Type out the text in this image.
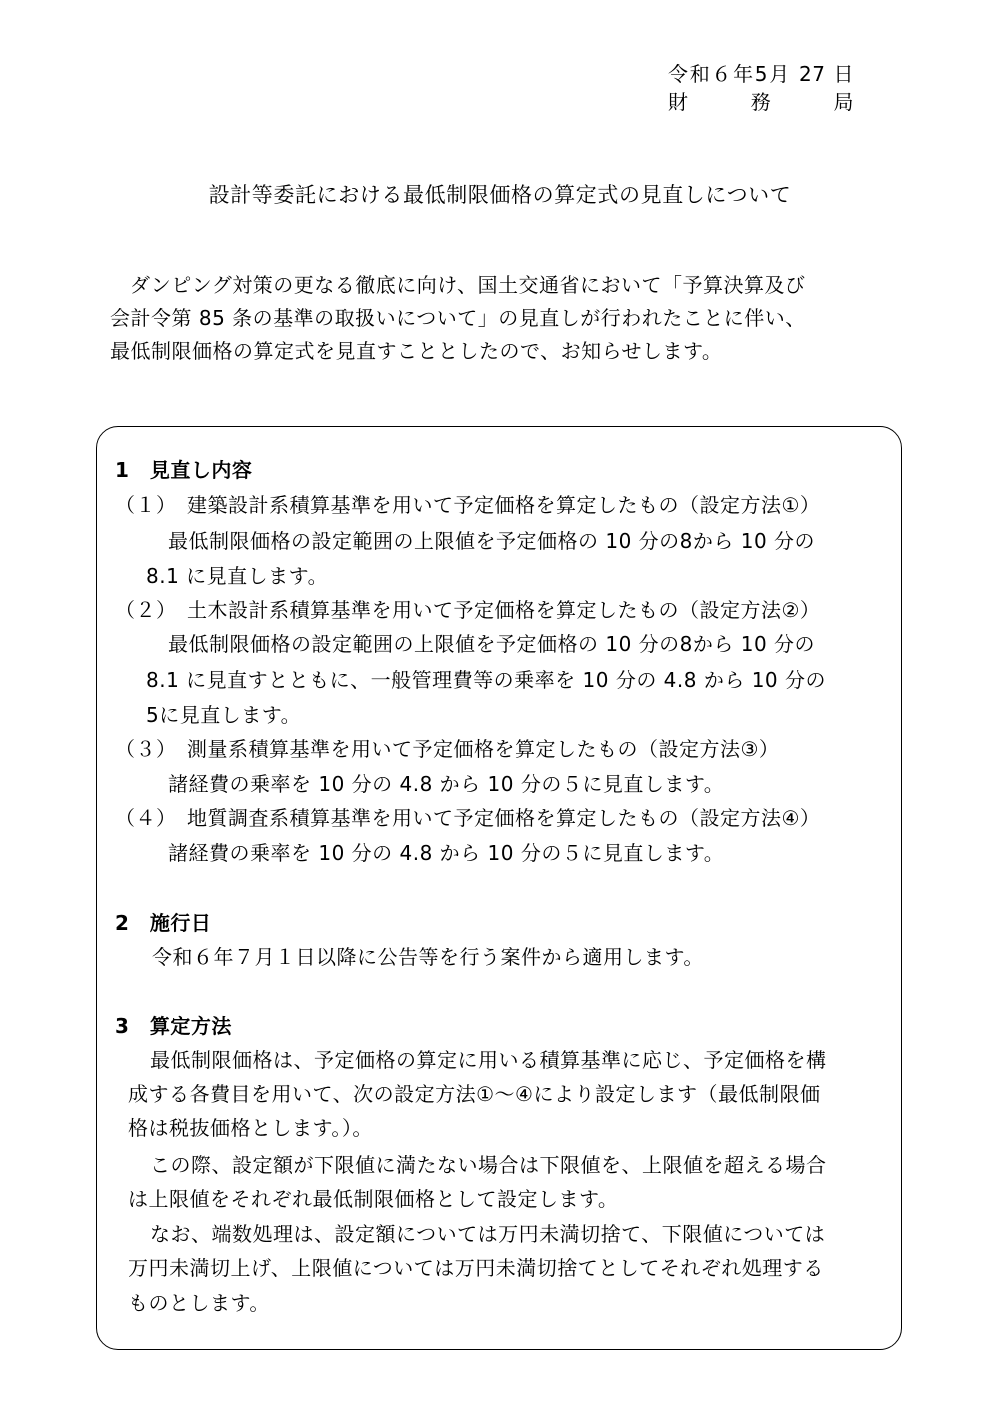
令和６年5月 27 日
財　務　局
設計等委託における最低制限価格の算定式の見直しについて
ダンピング対策の更なる徹底に向け、国土交通省において「予算決算及び
会計令第 85 条の基準の取扱いについて」の見直しが行われたことに伴い、
最低制限価格の算定式を見直すこととしたので、お知らせします。
1　見直し内容
（１）　建築設計系積算基準を用いて予定価格を算定したもの（設定方法①）
最低制限価格の設定範囲の上限値を予定価格の 10 分の8から 10 分の
8.1 に見直します。
（２）　土木設計系積算基準を用いて予定価格を算定したもの（設定方法②）
最低制限価格の設定範囲の上限値を予定価格の 10 分の8から 10 分の
8.1 に見直すとともに、一般管理費等の乗率を 10 分の 4.8 から 10 分の
5に見直します。
（３）　測量系積算基準を用いて予定価格を算定したもの（設定方法③）
諸経費の乗率を 10 分の 4.8 から 10 分の５に見直します。
（４）　地質調査系積算基準を用いて予定価格を算定したもの（設定方法④）
諸経費の乗率を 10 分の 4.8 から 10 分の５に見直します。
2　施行日
令和６年７月１日以降に公告等を行う案件から適用します。
3　算定方法
最低制限価格は、予定価格の算定に用いる積算基準に応じ、予定価格を構
成する各費目を用いて、次の設定方法①～④により設定します（最低制限価
格は税抜価格とします。）。
この際、設定額が下限値に満たない場合は下限値を、上限値を超える場合
は上限値をそれぞれ最低制限価格として設定します。
なお、端数処理は、設定額については万円未満切捨て、下限値については
万円未満切上げ、上限値については万円未満切捨てとしてそれぞれ処理する
ものとします。
